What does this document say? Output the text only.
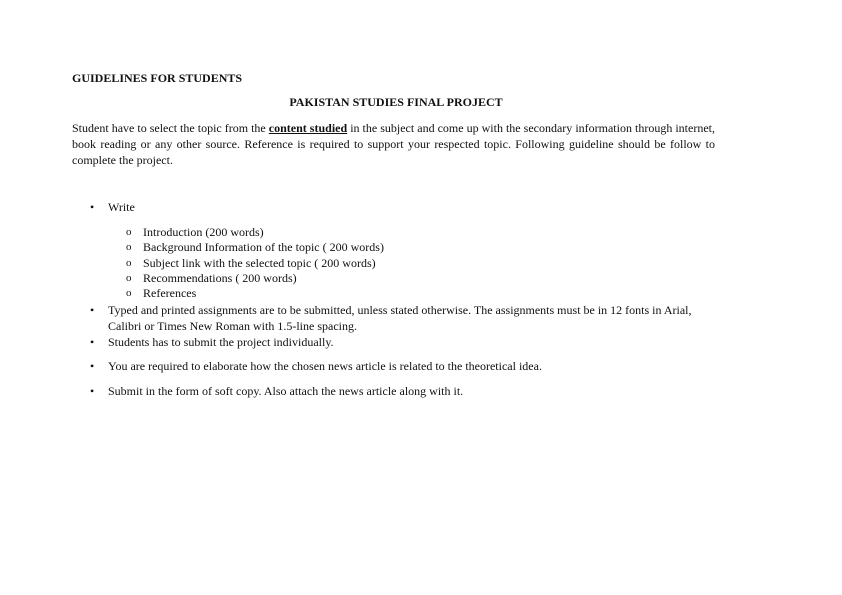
GUIDELINES FOR STUDENTS
PAKISTAN STUDIES FINAL PROJECT

Student have to select the topic from the content studied in the subject and come up with the secondary information through internet, book reading or any other source. Reference is required to support your respected topic. Following guideline should be follow to complete the project.

•	Write
o Introduction (200 words)
o Background Information of the topic ( 200 words)
o Subject link with the selected topic ( 200 words)
o Recommendations ( 200 words)
o References
•	Typed and printed assignments are to be submitted, unless stated otherwise. The assignments must be in 12 fonts in Arial, Calibri or Times New Roman with 1.5-line spacing.
•	Students has to submit the project individually.
•	You are required to elaborate how the chosen news article is related to the theoretical idea.
•	Submit in the form of soft copy. Also attach the news article along with it.
